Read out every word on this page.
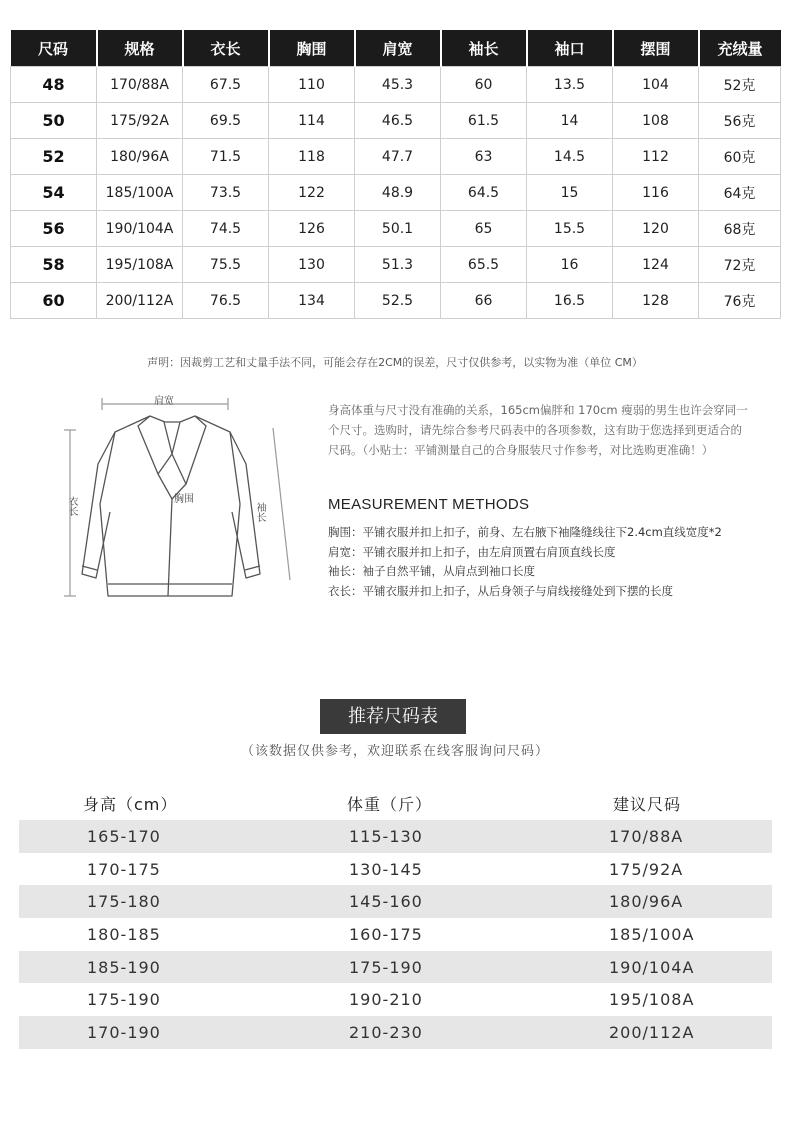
尺码	规格	衣长	胸围	肩宽	袖长	袖口	摆围	充绒量
48	170/88A	67.5	110	45.3	60	13.5	104	52克
50	175/92A	69.5	114	46.5	61.5	14	108	56克
52	180/96A	71.5	118	47.7	63	14.5	112	60克
54	185/100A	73.5	122	48.9	64.5	15	116	64克
56	190/104A	74.5	126	50.1	65	15.5	120	68克
58	195/108A	75.5	130	51.3	65.5	16	124	72克
60	200/112A	76.5	134	52.5	66	16.5	128	76克
声明：因裁剪工艺和丈量手法不同，可能会存在2CM的误差，尺寸仅供参考，以实物为准（单位 CM）
肩宽
胸围
衣长	袖长
身高体重与尺寸没有准确的关系，165cm偏胖和 170cm 瘦弱的男生也许会穿同一个尺寸。选购时，请先综合参考尺码表中的各项参数，这有助于您选择到更适合的尺码。（小贴士：平铺测量自己的合身服装尺寸作参考，对比选购更准确！）
MEASUREMENT METHODS
胸围：平铺衣服并扣上扣子，前身、左右腋下袖隆缝线往下2.4cm直线宽度*2
肩宽：平铺衣服并扣上扣子，由左肩顶置右肩顶直线长度
袖长：袖子自然平铺，从肩点到袖口长度
衣长：平铺衣服并扣上扣子，从后身领子与肩线接缝处到下摆的长度
推荐尺码表
（该数据仅供参考，欢迎联系在线客服询问尺码）
身高（cm）	体重（斤）	建议尺码
165-170	115-130	170/88A
170-175	130-145	175/92A
175-180	145-160	180/96A
180-185	160-175	185/100A
185-190	175-190	190/104A
175-190	190-210	195/108A
170-190	210-230	200/112A
